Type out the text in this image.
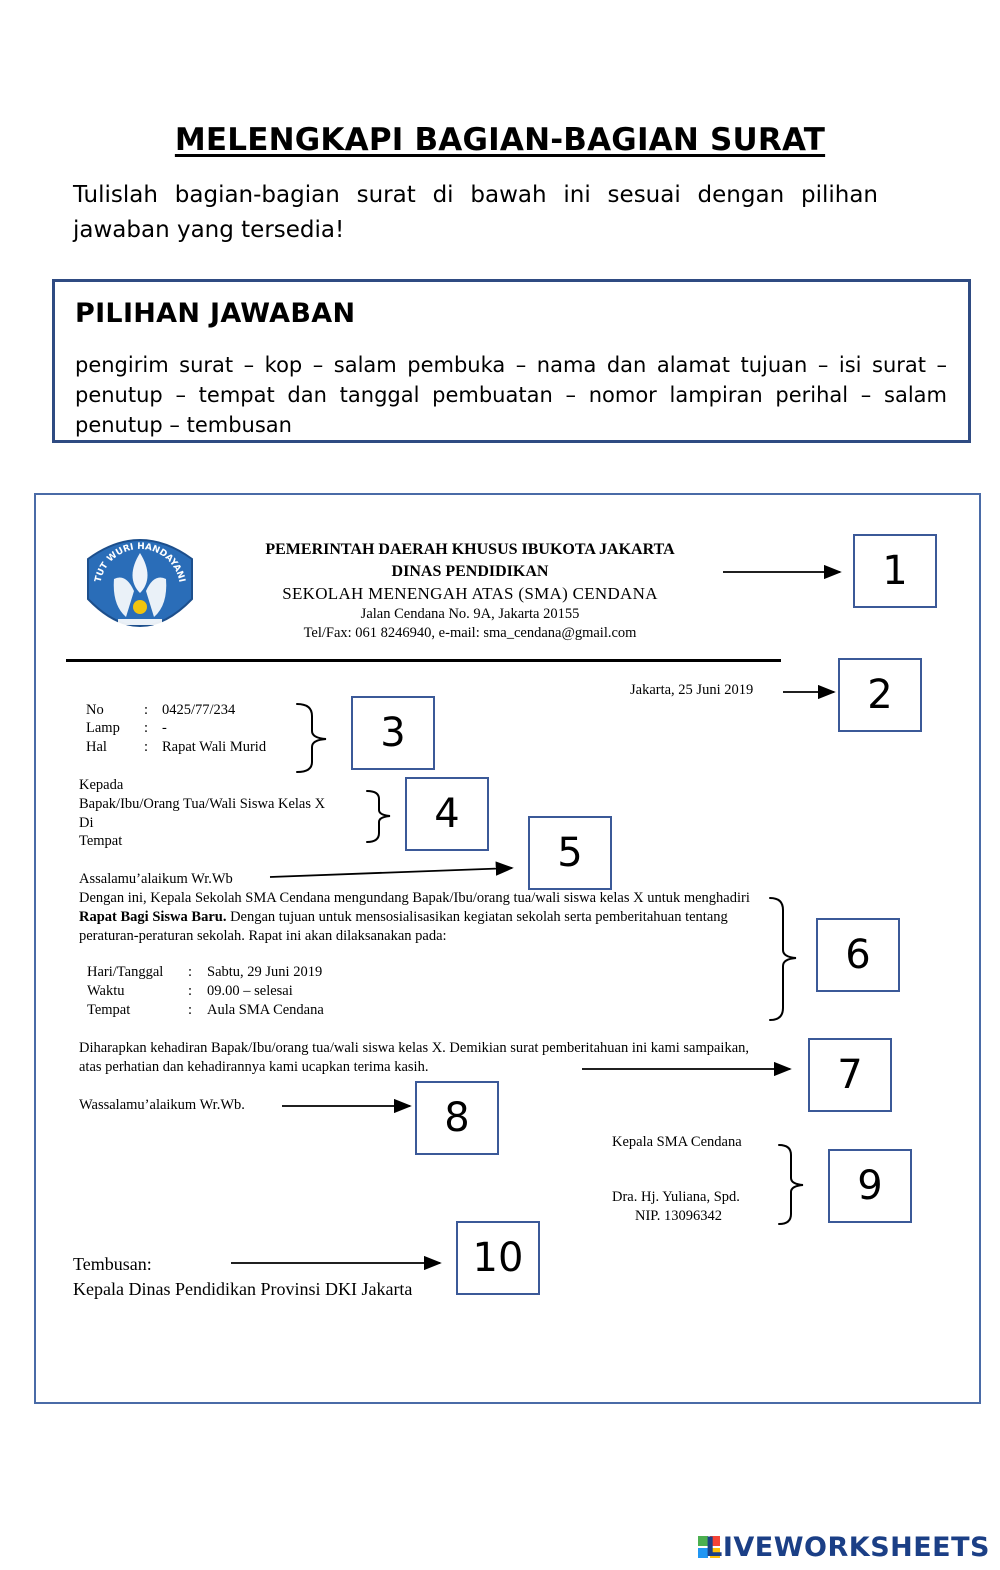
MELENGKAPI BAGIAN-BAGIAN SURAT
Tulislah bagian-bagian surat di bawah ini sesuai dengan pilihan jawaban yang tersedia!
PILIHAN JAWABAN
pengirim surat – kop – salam pembuka – nama dan alamat tujuan – isi surat – penutup – tempat dan tanggal pembuatan – nomor lampiran perihal – salam penutup – tembusan
TUT WURI HANDAYANI
PEMERINTAH DAERAH KHUSUS IBUKOTA JAKARTA
DINAS PENDIDIKAN
SEKOLAH MENENGAH ATAS (SMA) CENDANA
Jalan Cendana No. 9A, Jakarta 20155
Tel/Fax: 061 8246940, e-mail: sma_cendana@gmail.com
Jakarta, 25 Juni 2019
No	: 0425/77/234
Lamp : -
Hal	: Rapat Wali Murid
Kepada
Bapak/Ibu/Orang Tua/Wali Siswa Kelas X
Di
Tempat
Assalamu’alaikum Wr.Wb
Dengan ini, Kepala Sekolah SMA Cendana mengundang Bapak/Ibu/orang tua/wali siswa kelas X untuk menghadiri Rapat Bagi Siswa Baru. Dengan tujuan untuk mensosialisasikan kegiatan sekolah serta pemberitahuan tentang peraturan-peraturan sekolah. Rapat ini akan dilaksanakan pada:
Hari/Tanggal : Sabtu, 29 Juni 2019
Waktu	: 09.00 – selesai
Tempat	: Aula SMA Cendana
Diharapkan kehadiran Bapak/Ibu/orang tua/wali siswa kelas X. Demikian surat pemberitahuan ini kami sampaikan, atas perhatian dan kehadirannya kami ucapkan terima kasih.
Wassalamu’alaikum Wr.Wb.
Kepala SMA Cendana
Dra. Hj. Yuliana, Spd.
NIP. 13096342
Tembusan:
Kepala Dinas Pendidikan Provinsi DKI Jakarta
1
2
3
4
5
6
7
8
9
10
LIVEWORKSHEETS
